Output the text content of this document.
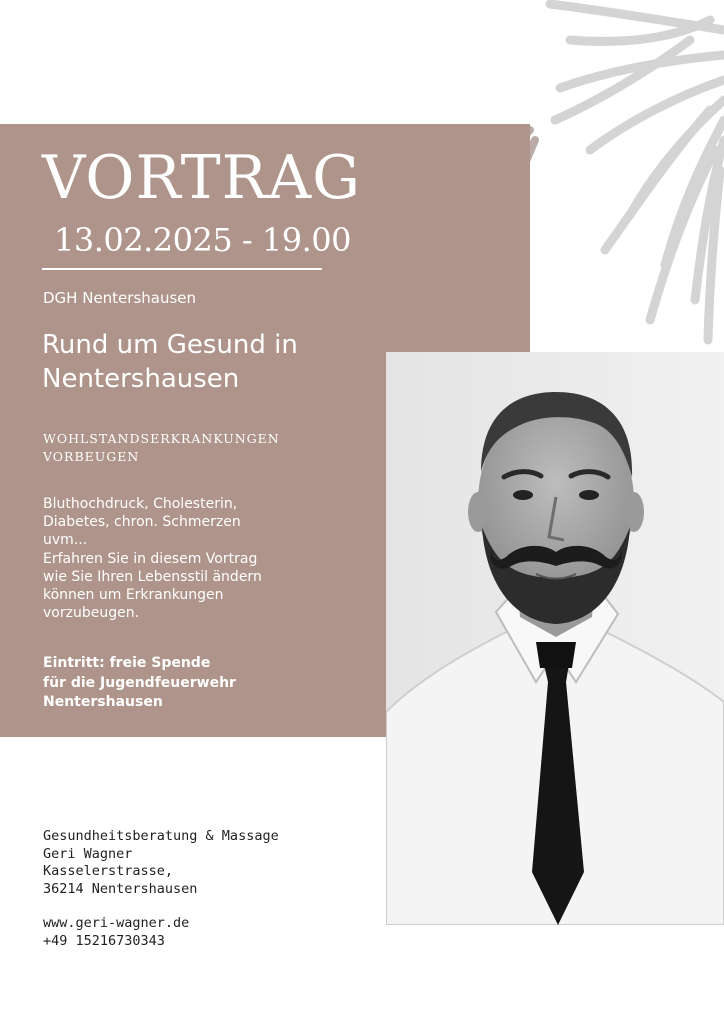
VORTRAG
13.02.2025 - 19.00
DGH Nentershausen
Rund um Gesund in Nentershausen
WOHLSTANDSERKRANKUNGEN VORBEUGEN
Bluthochdruck, Cholesterin,
Diabetes, chron. Schmerzen
uvm...
Erfahren Sie in diesem Vortrag
wie Sie Ihren Lebensstil ändern
können um Erkrankungen
vorzubeugen.
Eintritt: freie Spende
für die Jugendfeuerwehr
Nentershausen
Gesundheitsberatung & Massage
Geri Wagner
Kasselerstrasse,
36214 Nentershausen
www.geri-wagner.de
+49 15216730343
